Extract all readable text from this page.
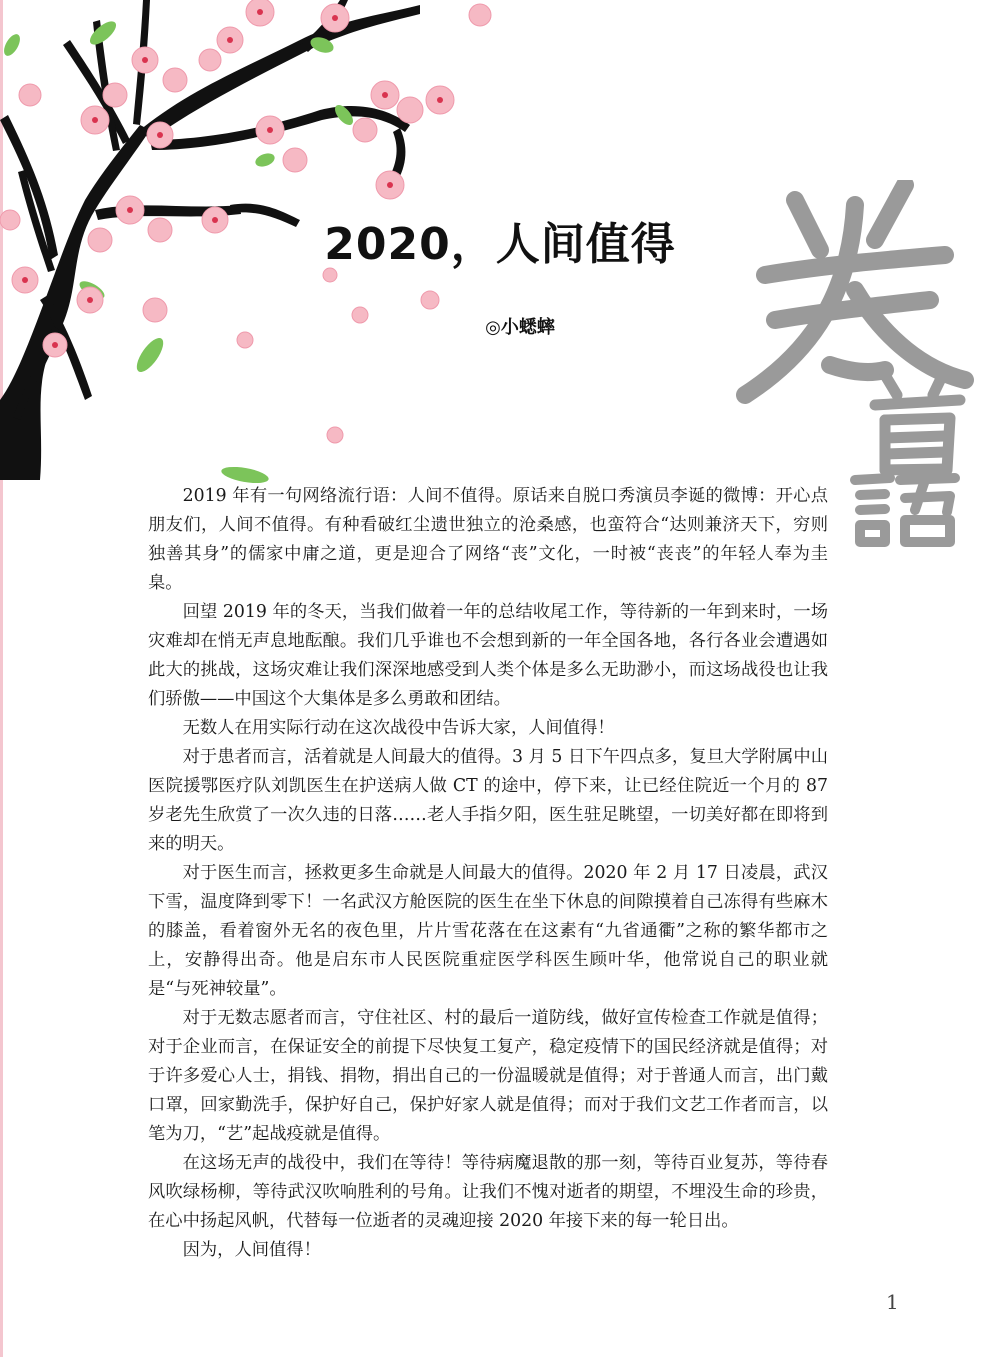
2020，人间值得
◎小蟋蟀

2019 年有一句网络流行语：人间不值得。原话来自脱口秀演员李诞的微博：开心点朋友们，人间不值得。有种看破红尘遗世独立的沧桑感，也蛮符合“达则兼济天下，穷则独善其身”的儒家中庸之道，更是迎合了网络“丧”文化，一时被“丧丧”的年轻人奉为圭臬。

回望 2019 年的冬天，当我们做着一年的总结收尾工作，等待新的一年到来时，一场灾难却在悄无声息地酝酿。我们几乎谁也不会想到新的一年全国各地，各行各业会遭遇如此大的挑战，这场灾难让我们深深地感受到人类个体是多么无助渺小，而这场战役也让我们骄傲——中国这个大集体是多么勇敢和团结。

无数人在用实际行动在这次战役中告诉大家，人间值得！

对于患者而言，活着就是人间最大的值得。3 月 5 日下午四点多，复旦大学附属中山医院援鄂医疗队刘凯医生在护送病人做 CT 的途中，停下来，让已经住院近一个月的 87 岁老先生欣赏了一次久违的日落……老人手指夕阳，医生驻足眺望，一切美好都在即将到来的明天。

对于医生而言，拯救更多生命就是人间最大的值得。2020 年 2 月 17 日凌晨，武汉下雪，温度降到零下！一名武汉方舱医院的医生在坐下休息的间隙摸着自己冻得有些麻木的膝盖，看着窗外无名的夜色里，片片雪花落在在这素有“九省通衢”之称的繁华都市之上，安静得出奇。他是启东市人民医院重症医学科医生顾叶华，他常说自己的职业就是“与死神较量”。

对于无数志愿者而言，守住社区、村的最后一道防线，做好宣传检查工作就是值得；对于企业而言，在保证安全的前提下尽快复工复产，稳定疫情下的国民经济就是值得；对于许多爱心人士，捐钱、捐物，捐出自己的一份温暖就是值得；对于普通人而言，出门戴口罩，回家勤洗手，保护好自己，保护好家人就是值得；而对于我们文艺工作者而言，以笔为刀，“艺”起战疫就是值得。

在这场无声的战役中，我们在等待！等待病魔退散的那一刻，等待百业复苏，等待春风吹绿杨柳，等待武汉吹响胜利的号角。让我们不愧对逝者的期望，不埋没生命的珍贵，在心中扬起风帆，代替每一位逝者的灵魂迎接 2020 年接下来的每一轮日出。

因为，人间值得！

1
